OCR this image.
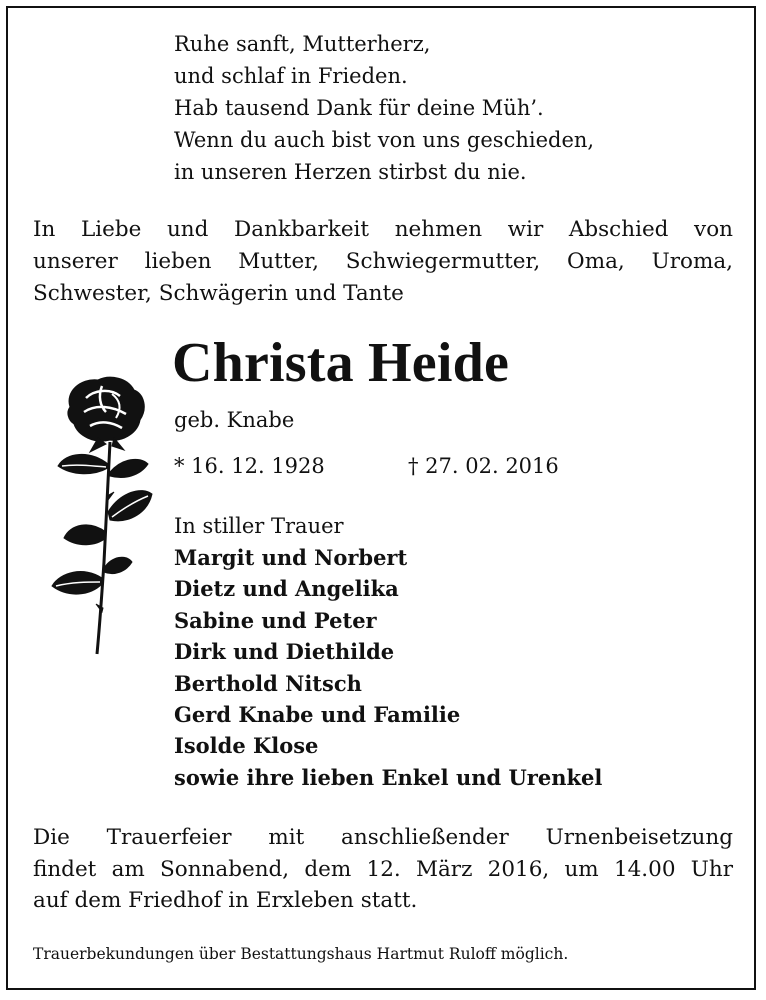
Ruhe sanft, Mutterherz,
und schlaf in Frieden.
Hab tausend Dank für deine Müh’.
Wenn du auch bist von uns geschieden,
in unseren Herzen stirbst du nie.
In Liebe und Dankbarkeit nehmen wir Abschied von
unserer lieben Mutter, Schwiegermutter, Oma, Uroma,
Schwester, Schwägerin und Tante
Christa Heide
geb. Knabe
* 16. 12. 1928	† 27. 02. 2016
In stiller Trauer
Margit und Norbert
Dietz und Angelika
Sabine und Peter
Dirk und Diethilde
Berthold Nitsch
Gerd Knabe und Familie
Isolde Klose
sowie ihre lieben Enkel und Urenkel
Die Trauerfeier mit anschließender Urnenbeisetzung
findet am Sonnabend, dem 12. März 2016, um 14.00 Uhr
auf dem Friedhof in Erxleben statt.
Trauerbekundungen über Bestattungshaus Hartmut Ruloff möglich.
